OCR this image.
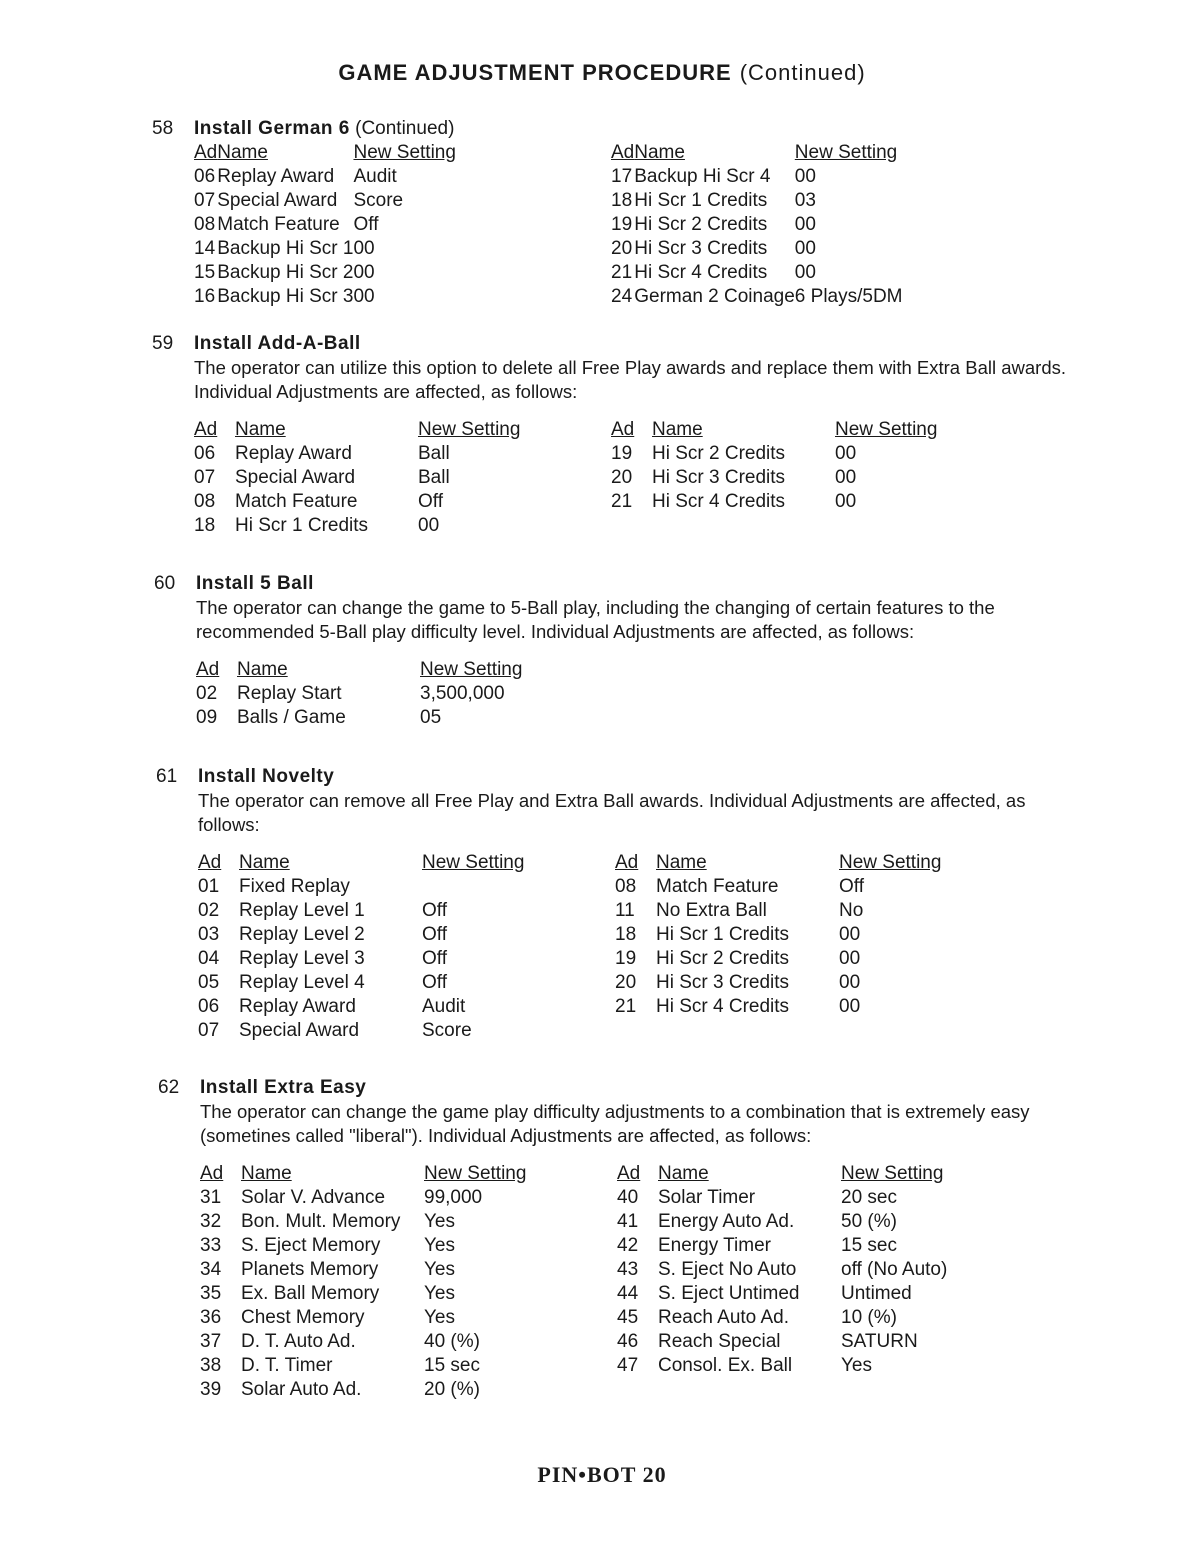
GAME ADJUSTMENT PROCEDURE (Continued)
58 Install German 6 (Continued)
Ad	Name	New Setting
06	Replay Award	Audit
07	Special Award	Score
08	Match Feature	Off
14	Backup Hi Scr 1	00
15	Backup Hi Scr 2	00
16	Backup Hi Scr 3	00
Ad	Name	New Setting
17	Backup Hi Scr 4	00
18	Hi Scr 1 Credits	03
19	Hi Scr 2 Credits	00
20	Hi Scr 3 Credits	00
21	Hi Scr 4 Credits	00
24	German 2 Coinage	6 Plays/5DM
59 Install Add-A-Ball
The operator can utilize this option to delete all Free Play awards and replace them with Extra Ball awards. Individual Adjustments are affected, as follows:
Ad	Name	New Setting
06	Replay Award	Ball
07	Special Award	Ball
08	Match Feature	Off
18	Hi Scr 1 Credits	00
Ad	Name	New Setting
19	Hi Scr 2 Credits	00
20	Hi Scr 3 Credits	00
21	Hi Scr 4 Credits	00
60 Install 5 Ball
The operator can change the game to 5-Ball play, including the changing of certain features to the recommended 5-Ball play difficulty level. Individual Adjustments are affected, as follows:
Ad	Name	New Setting
02	Replay Start	3,500,000
09	Balls / Game	05
61 Install Novelty
The operator can remove all Free Play and Extra Ball awards. Individual Adjustments are affected, as follows:
Ad	Name	New Setting
01	Fixed Replay	
02	Replay Level 1	Off
03	Replay Level 2	Off
04	Replay Level 3	Off
05	Replay Level 4	Off
06	Replay Award	Audit
07	Special Award	Score
Ad	Name	New Setting
08	Match Feature	Off
11	No Extra Ball	No
18	Hi Scr 1 Credits	00
19	Hi Scr 2 Credits	00
20	Hi Scr 3 Credits	00
21	Hi Scr 4 Credits	00
62 Install Extra Easy
The operator can change the game play difficulty adjustments to a combination that is extremely easy (sometines called "liberal"). Individual Adjustments are affected, as follows:
Ad	Name	New Setting
31	Solar V. Advance	99,000
32	Bon. Mult. Memory	Yes
33	S. Eject Memory	Yes
34	Planets Memory	Yes
35	Ex. Ball Memory	Yes
36	Chest Memory	Yes
37	D. T. Auto Ad.	40 (%)
38	D. T. Timer	15 sec
39	Solar Auto Ad.	20 (%)
Ad	Name	New Setting
40	Solar Timer	20 sec
41	Energy Auto Ad.	50 (%)
42	Energy Timer	15 sec
43	S. Eject No Auto	off (No Auto)
44	S. Eject Untimed	Untimed
45	Reach Auto Ad.	10 (%)
46	Reach Special	SATURN
47	Consol. Ex. Ball	Yes
PIN•BOT 20
